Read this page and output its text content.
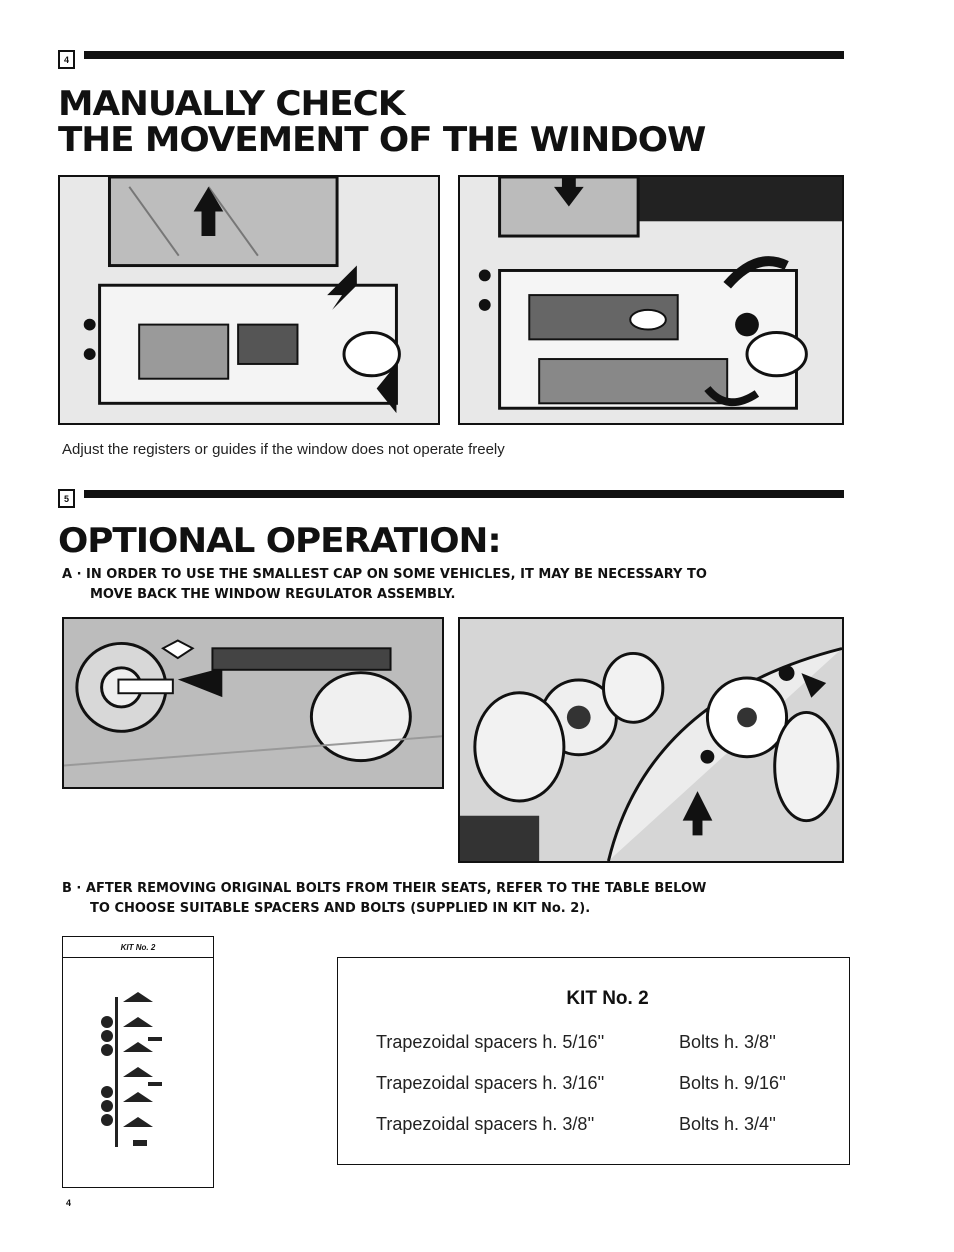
4
MANUALLY CHECK
THE MOVEMENT OF THE WINDOW
Adjust the registers or guides if the window does not operate freely
5
OPTIONAL OPERATION:
A · IN ORDER TO USE THE SMALLEST CAP ON SOME VEHICLES, IT MAY BE NECESSARY TO
MOVE BACK THE WINDOW REGULATOR ASSEMBLY.
B · AFTER REMOVING ORIGINAL BOLTS FROM THEIR SEATS, REFER TO THE TABLE BELOW
TO CHOOSE SUITABLE SPACERS AND BOLTS (SUPPLIED IN KIT No. 2).
KIT No. 2
KIT No. 2
Trapezoidal spacers h. 5/16''	Bolts h. 3/8''
Trapezoidal spacers h. 3/16''	Bolts h. 9/16''
Trapezoidal spacers h. 3/8''	Bolts h. 3/4''
4
